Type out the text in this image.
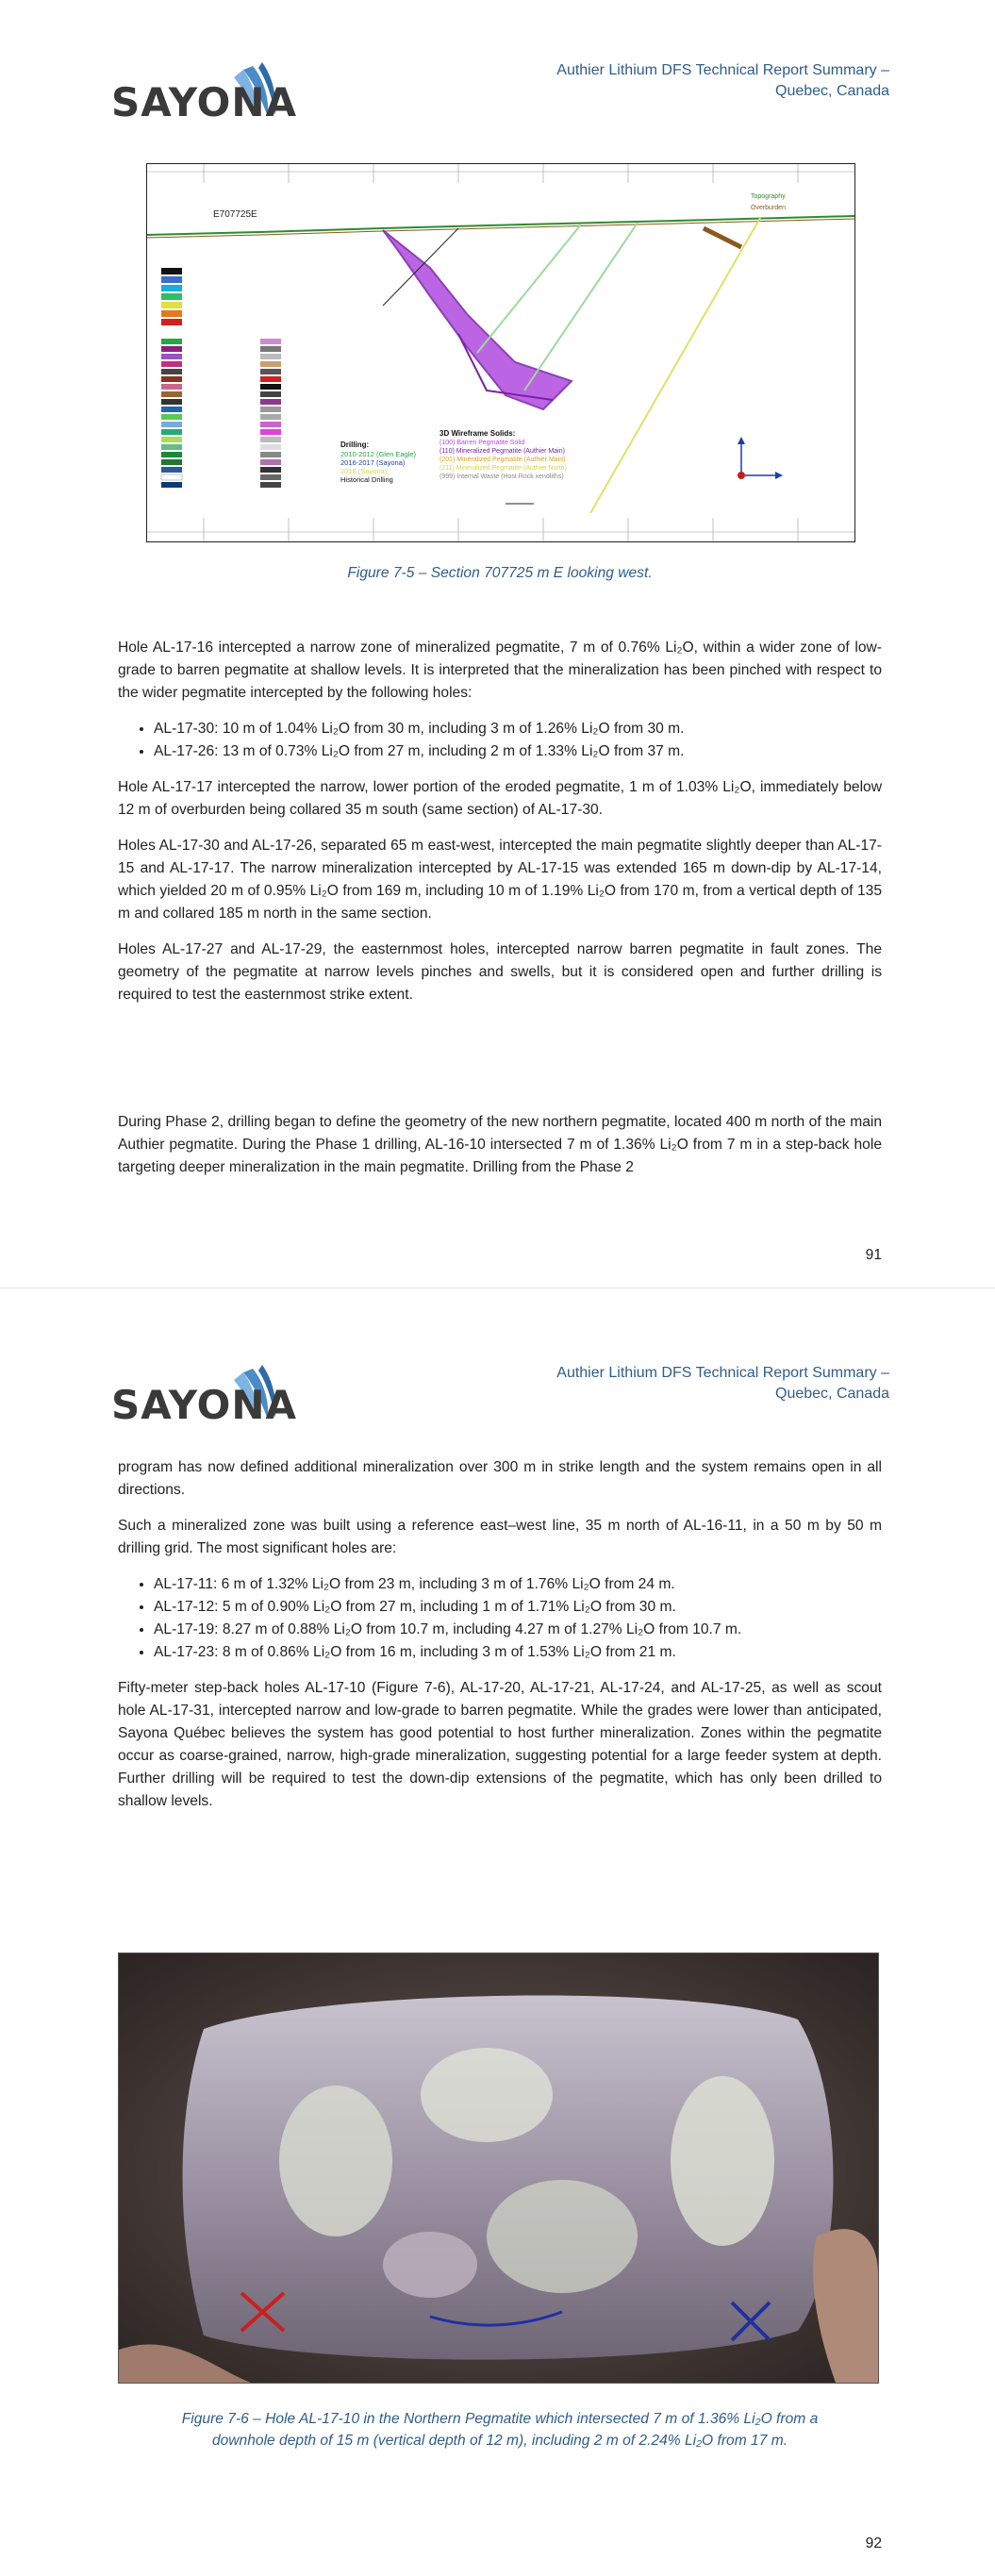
SAYONA
Authier Lithium DFS Technical Report Summary –
Quebec, Canada
E707725E
Topography
Overburden
Drilling:
2010-2012 (Glen Eagle)
2016-2017 (Sayona)
2018 (Sayona)
Historical Drilling
3D Wireframe Solids:
(100) Barren Pegmatite Solid
(110) Mineralized Pegmatite (Authier Main)
(201) Mineralized Pegmatite (Authier Main)
(211) Mineralized Pegmatite (Authier North)
(999) Internal Waste (Host Rock xenoliths)
Figure 7-5 – Section 707725 m E looking west.

Hole AL-17-16 intercepted a narrow zone of mineralized pegmatite, 7 m of 0.76% Li₂O, within a wider zone of low-grade to barren pegmatite at shallow levels. It is interpreted that the mineralization has been pinched with respect to the wider pegmatite intercepted by the following holes:

• AL-17-30: 10 m of 1.04% Li₂O from 30 m, including 3 m of 1.26% Li₂O from 30 m.
• AL-17-26: 13 m of 0.73% Li₂O from 27 m, including 2 m of 1.33% Li₂O from 37 m.

Hole AL-17-17 intercepted the narrow, lower portion of the eroded pegmatite, 1 m of 1.03% Li₂O, immediately below 12 m of overburden being collared 35 m south (same section) of AL-17-30.

Holes AL-17-30 and AL-17-26, separated 65 m east-west, intercepted the main pegmatite slightly deeper than AL-17-15 and AL-17-17. The narrow mineralization intercepted by AL-17-15 was extended 165 m down-dip by AL-17-14, which yielded 20 m of 0.95% Li₂O from 169 m, including 10 m of 1.19% Li₂O from 170 m, from a vertical depth of 135 m and collared 185 m north in the same section.

Holes AL-17-27 and AL-17-29, the easternmost holes, intercepted narrow barren pegmatite in fault zones. The geometry of the pegmatite at narrow levels pinches and swells, but it is considered open and further drilling is required to test the easternmost strike extent.

During Phase 2, drilling began to define the geometry of the new northern pegmatite, located 400 m north of the main Authier pegmatite. During the Phase 1 drilling, AL-16-10 intersected 7 m of 1.36% Li₂O from 7 m in a step-back hole targeting deeper mineralization in the main pegmatite. Drilling from the Phase 2

91
SAYONA
Authier Lithium DFS Technical Report Summary –
Quebec, Canada

program has now defined additional mineralization over 300 m in strike length and the system remains open in all directions.

Such a mineralized zone was built using a reference east–west line, 35 m north of AL-16-11, in a 50 m by 50 m drilling grid. The most significant holes are:

• AL-17-11: 6 m of 1.32% Li₂O from 23 m, including 3 m of 1.76% Li₂O from 24 m.
• AL-17-12: 5 m of 0.90% Li₂O from 27 m, including 1 m of 1.71% Li₂O from 30 m.
• AL-17-19: 8.27 m of 0.88% Li₂O from 10.7 m, including 4.27 m of 1.27% Li₂O from 10.7 m.
• AL-17-23: 8 m of 0.86% Li₂O from 16 m, including 3 m of 1.53% Li₂O from 21 m.

Fifty-meter step-back holes AL-17-10 (Figure 7-6), AL-17-20, AL-17-21, AL-17-24, and AL-17-25, as well as scout hole AL-17-31, intercepted narrow and low-grade to barren pegmatite. While the grades were lower than anticipated, Sayona Québec believes the system has good potential to host further mineralization. Zones within the pegmatite occur as coarse-grained, narrow, high-grade mineralization, suggesting potential for a large feeder system at depth. Further drilling will be required to test the down-dip extensions of the pegmatite, which has only been drilled to shallow levels.

Figure 7-6 – Hole AL-17-10 in the Northern Pegmatite which intersected 7 m of 1.36% Li₂O from a
downhole depth of 15 m (vertical depth of 12 m), including 2 m of 2.24% Li₂O from 17 m.
92
